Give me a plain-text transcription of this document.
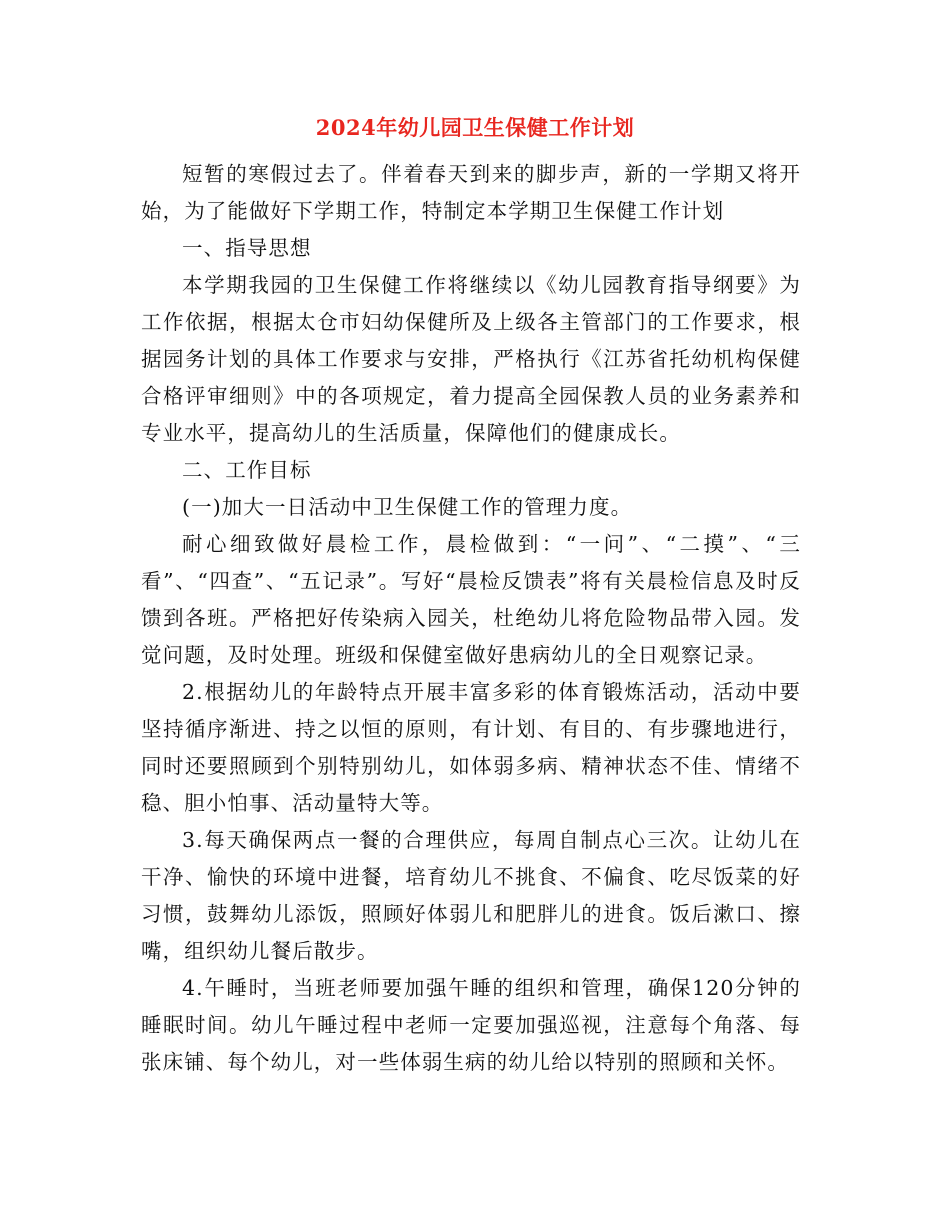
2024年幼儿园卫生保健工作计划

短暂的寒假过去了。伴着春天到来的脚步声，新的一学期又将开始，为了能做好下学期工作，特制定本学期卫生保健工作计划

一、指导思想

本学期我园的卫生保健工作将继续以《幼儿园教育指导纲要》为工作依据，根据太仓市妇幼保健所及上级各主管部门的工作要求，根据园务计划的具体工作要求与安排，严格执行《江苏省托幼机构保健合格评审细则》中的各项规定，着力提高全园保教人员的业务素养和专业水平，提高幼儿的生活质量，保障他们的健康成长。

二、工作目标

(一)加大一日活动中卫生保健工作的管理力度。

耐心细致做好晨检工作，晨检做到：“一问”、“二摸”、“三看”、“四查”、“五记录”。写好“晨检反馈表”将有关晨检信息及时反馈到各班。严格把好传染病入园关，杜绝幼儿将危险物品带入园。发觉问题，及时处理。班级和保健室做好患病幼儿的全日观察记录。

2.根据幼儿的年龄特点开展丰富多彩的体育锻炼活动，活动中要坚持循序渐进、持之以恒的原则，有计划、有目的、有步骤地进行，同时还要照顾到个别特别幼儿，如体弱多病、精神状态不佳、情绪不稳、胆小怕事、活动量特大等。

3.每天确保两点一餐的合理供应，每周自制点心三次。让幼儿在干净、愉快的环境中进餐，培育幼儿不挑食、不偏食、吃尽饭菜的好习惯，鼓舞幼儿添饭，照顾好体弱儿和肥胖儿的进食。饭后漱口、擦嘴，组织幼儿餐后散步。

4.午睡时，当班老师要加强午睡的组织和管理，确保120分钟的睡眠时间。幼儿午睡过程中老师一定要加强巡视，注意每个角落、每张床铺、每个幼儿，对一些体弱生病的幼儿给以特别的照顾和关怀。
